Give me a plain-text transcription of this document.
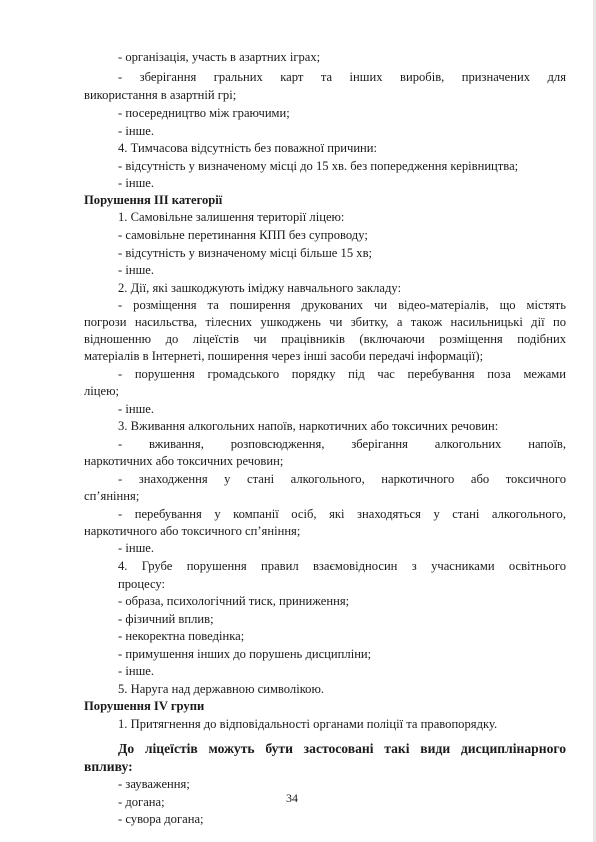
- організація, участь в азартних іграх;
- зберігання гральних карт та інших виробів, призначених для
використання в азартній грі;
- посередництво між граючими;
- інше.
4. Тимчасова відсутність без поважної причини:
- відсутність у визначеному місці до 15 хв. без попередження керівництва;
- інше.
Порушення III категорії
1. Самовільне залишення території ліцею:
- самовільне перетинання КПП без супроводу;
- відсутність у визначеному місці більше 15 хв;
- інше.
2. Дії, які зашкоджують іміджу навчального закладу:
- розміщення та поширення друкованих чи відео-матеріалів, що містять
погрози насильства, тілесних ушкоджень чи збитку, а також насильницькі дії по
відношенню до ліцеїстів чи працівників (включаючи розміщення подібних
матеріалів в Інтернеті, поширення через інші засоби передачі інформації);
- порушення громадського порядку під час перебування поза межами
ліцею;
- інше.
3. Вживання алкогольних напоїв, наркотичних або токсичних речовин:
- вживання, розповсюдження, зберігання алкогольних напоїв,
наркотичних або токсичних речовин;
- знаходження у стані алкогольного, наркотичного або токсичного
сп’яніння;
- перебування у компанії осіб, які знаходяться у стані алкогольного,
наркотичного або токсичного сп’яніння;
- інше.
4. Грубе порушення правил взаємовідносин з учасниками освітнього
процесу:
- образа, психологічний тиск, приниження;
- фізичний вплив;
- некоректна поведінка;
- примушення інших до порушень дисципліни;
- інше.
5. Наруга над державною символікою.
Порушення IV групи
1. Притягнення до відповідальності органами поліції та правопорядку.
До ліцеїстів можуть бути застосовані такі види дисциплінарного
впливу:
- зауваження;
- догана;
- сувора догана;
34
